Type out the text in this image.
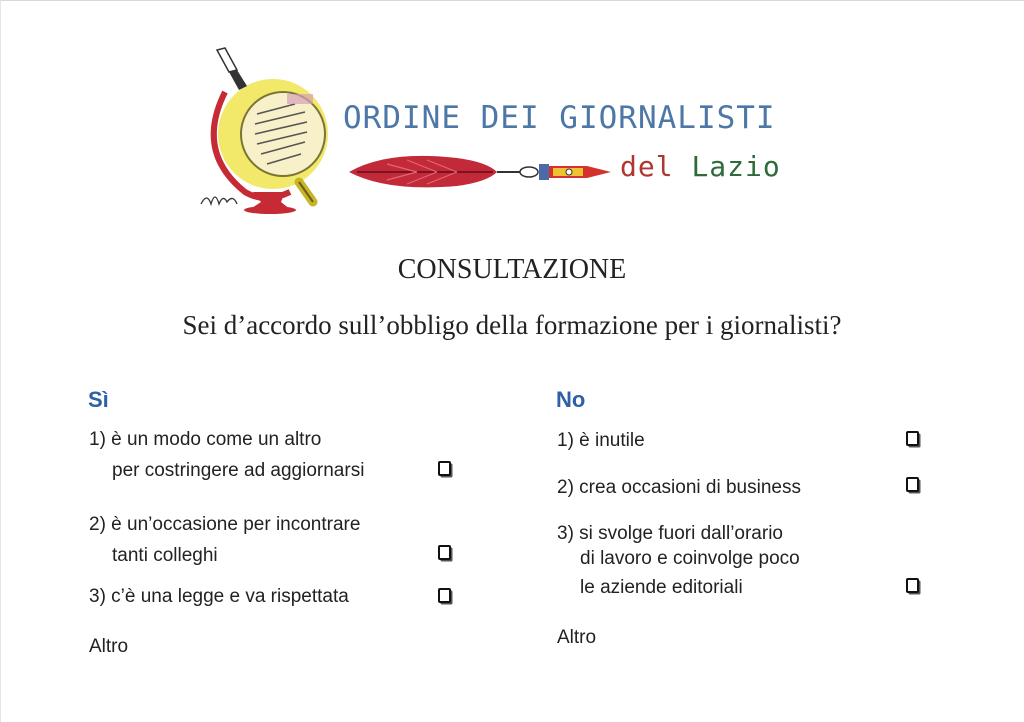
ORDINE DEI GIORNALISTI
del Lazio
CONSULTAZIONE
Sei d’accordo sull’obbligo della formazione per i giornalisti?
Sì
1) è un modo come un altro
per costringere ad aggiornarsi
2) è un’occasione per incontrare
tanti colleghi
3) c’è una legge e va rispettata
Altro
No
1) è inutile
2) crea occasioni di business
3) si svolge fuori dall’orario
di lavoro e coinvolge poco
le aziende editoriali
Altro
